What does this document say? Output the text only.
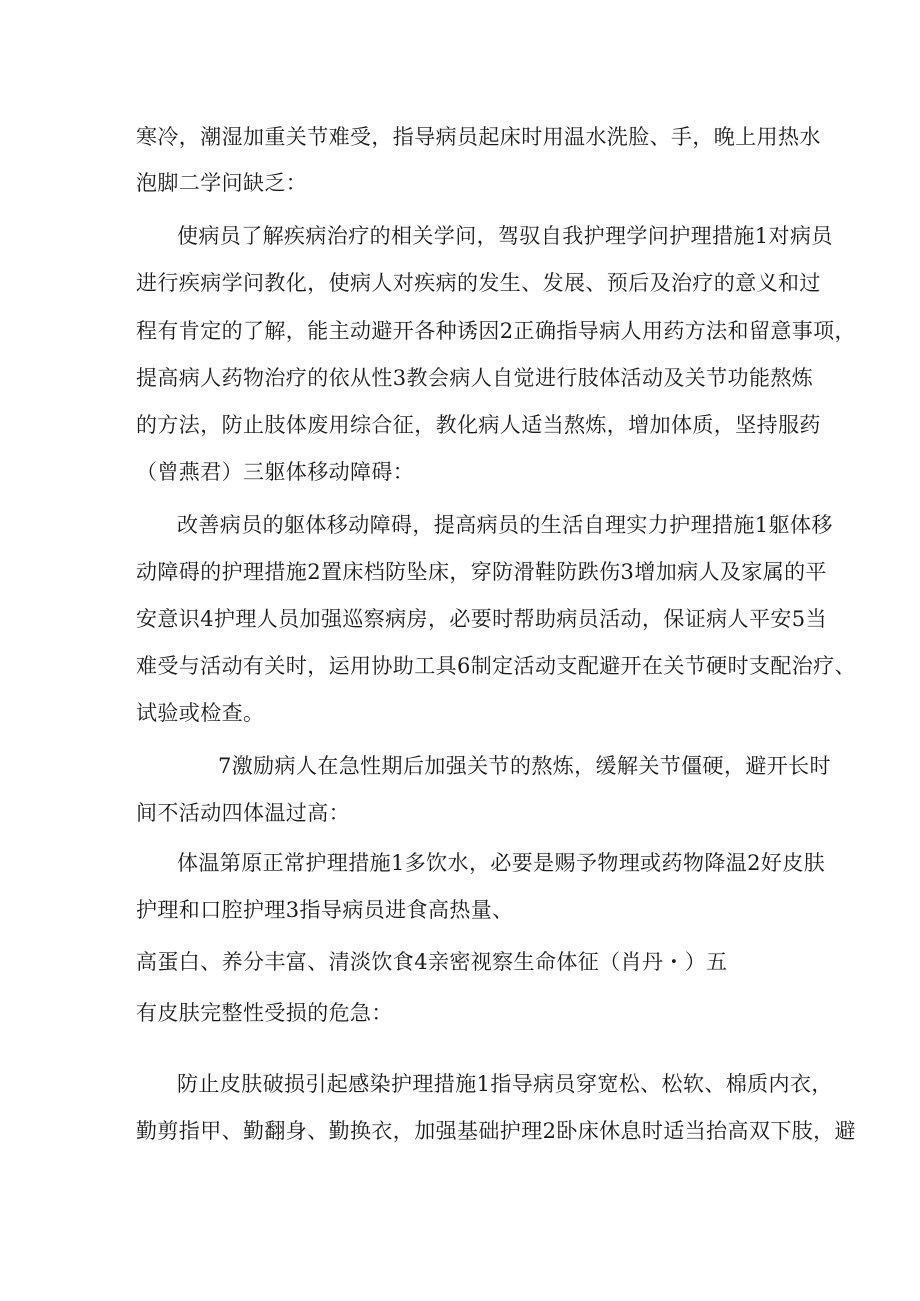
寒冷，潮湿加重关节难受，指导病员起床时用温水洗脸、手，晚上用热水
泡脚二学问缺乏：
使病员了解疾病治疗的相关学问，驾驭自我护理学问护理措施1对病员
进行疾病学问教化，使病人对疾病的发生、发展、预后及治疗的意义和过
程有肯定的了解，能主动避开各种诱因2正确指导病人用药方法和留意事项，
提高病人药物治疗的依从性3教会病人自觉进行肢体活动及关节功能熬炼
的方法，防止肢体废用综合征，教化病人适当熬炼，增加体质，坚持服药
（曾燕君）三躯体移动障碍：
改善病员的躯体移动障碍，提高病员的生活自理实力护理措施1躯体移
动障碍的护理措施2置床档防坠床，穿防滑鞋防跌伤3增加病人及家属的平
安意识4护理人员加强巡察病房，必要时帮助病员活动，保证病人平安5当
难受与活动有关时，运用协助工具6制定活动支配避开在关节硬时支配治疗、
试验或检查。
7激励病人在急性期后加强关节的熬炼，缓解关节僵硬，避开长时
间不活动四体温过高：
体温第原正常护理措施1多饮水，必要是赐予物理或药物降温2好皮肤
护理和口腔护理3指导病员进食高热量、
高蛋白、养分丰富、清淡饮食4亲密视察生命体征（肖丹・）五
有皮肤完整性受损的危急：
防止皮肤破损引起感染护理措施1指导病员穿宽松、松软、棉质内衣，
勤剪指甲、勤翻身、勤换衣，加强基础护理2卧床休息时适当抬高双下肢，避
